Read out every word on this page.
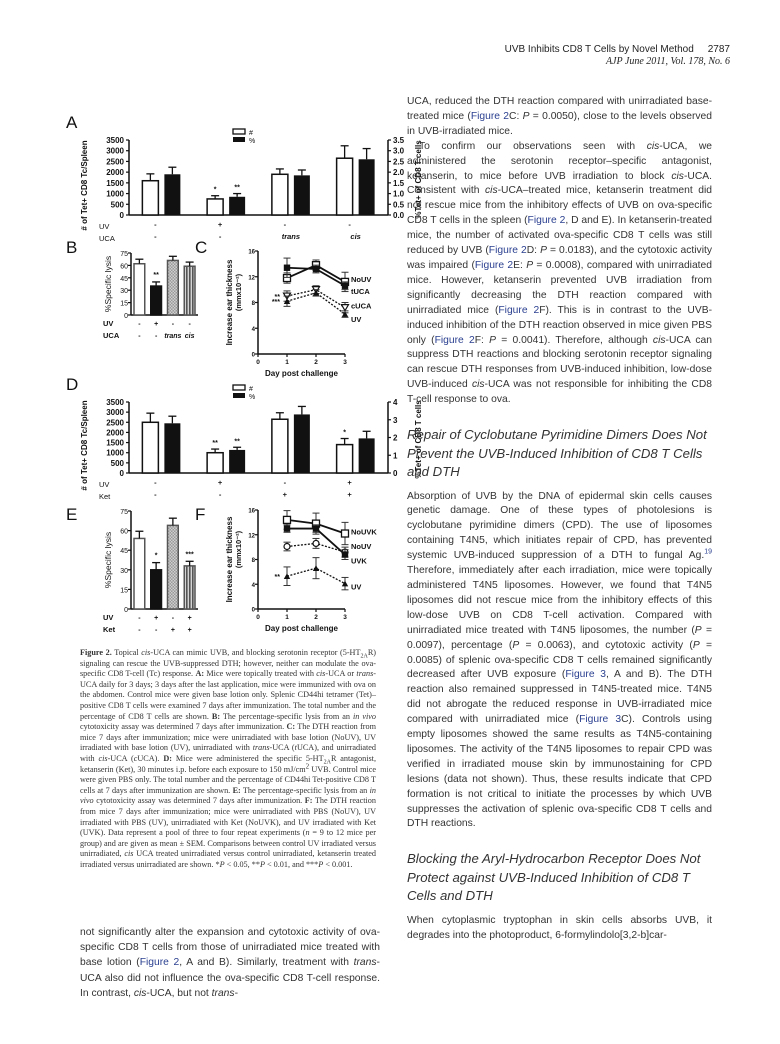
UVB Inhibits CD8 T Cells by Novel Method 2787
AJP June 2011, Vol. 178, No. 6
A
B	C
D
E	F
#
%
0
500
1000
1500
2000
2500
3000
3500
0.0
0.5
1.0
1.5
2.0
2.5
3.0
3.5
# of Tet+ CD8 Tc/Spleen	%Tet+ of CD8 T cells
-
-
*	**
+
-
-
trans
-
cis
UV
UCA
0
15
30
45
60
75
%Specific lysis
-
-
**
+
-
-
trans
-
cis
UV
UCA
0
4
8
12
16
0	1	2	3
Day post challenge
Increase ear thickness (mmx10⁻²)	NoUV
tUCA
cUCA
UV
**
***
#
%
0
500
1000
1500
2000
2500
3000
3500
0
1
2
3
4
# of Tet+ CD8 Tc/Spleen	%Tet+ of CD8 T cells
-
-
** **
+
-
-
+
*
+
+
UV
Ket
0
15
30
45
60
75
%Specific lysis
-
-
*
+
-
-
+
***
+
+
UV
Ket
0
4
8
12
16
0	1	2	3
Day post challenge
Increase ear thickness (mmx10⁻²)	NoUVK
NoUV
UVK
UV
**
Figure 2. Topical cis-UCA can mimic UVB, and blocking serotonin receptor $(5-HT_{2A}R)$ signaling can rescue the UVB-suppressed DTH; however, neither can modulate the ova-specific CD8 T-cell (Tc) response. A: Mice were topically treated with cis-UCA or trans-UCA daily for 3 days; 3 days after the last application, mice were immunized with ova on the abdomen. Control mice were given base lotion only. Splenic CD44hi tetramer (Tet)–positive CD8 T cells were examined 7 days after immunization. The total number and the percentage of CD8 T cells are shown. B: The percentage-specific lysis from an in vivo cytotoxicity assay was determined 7 days after immunization. C: The DTH reaction from mice 7 days after immunization; mice were unirradiated with base lotion (NoUV), UV irradiated with base lotion (UV), unirradiated with trans-UCA (tUCA), and unirradiated with cis-UCA (cUCA). D: Mice were administered the specific $5-HT_{2A}R$ antagonist, ketanserin (Ket), 30 minutes i.p. before each exposure to 150 $mJ/cm^2$ UVB. Control mice were given PBS only. The total number and the percentage of CD44hi Tet-positive CD8 T cells at 7 days after immunization are shown. E: The percentage-specific lysis from an in vivo cytotoxicity assay was determined 7 days after immunization. F: The DTH reaction from mice 7 days after immunization; mice were unirradiated with PBS (NoUV), UV irradiated with PBS (UV), unirradiated with Ket (NoUVK), and UV irradiated with Ket (UVK). Data represent a pool of three to four repeat experiments (n = 9 to 12 mice per group) and are given as mean ± SEM. Comparisons between control UV irradiated versus unirradiated, cis UCA treated unirradiated versus control unirradiated, ketanserin treated irradiated versus unirradiated are shown. *P < 0.05, **P < 0.01, and ***P < 0.001.
not significantly alter the expansion and cytotoxic activity of ova-specific CD8 T cells from those of unirradiated mice treated with base lotion (Figure 2, A and B). Similarly, treatment with trans-UCA also did not influence the ova-specific CD8 T-cell response. In contrast, cis-UCA, but not trans-

UCA, reduced the DTH reaction compared with unirradiated base-treated mice (Figure 2C: P = 0.0050), close to the levels observed in UVB-irradiated mice.

To confirm our observations seen with cis-UCA, we administered the serotonin receptor–specific antagonist, ketanserin, to mice before UVB irradiation to block cis-UCA. Consistent with cis-UCA–treated mice, ketanserin treatment did not rescue mice from the inhibitory effects of UVB on ova-specific CD8 T cells in the spleen (Figure 2, D and E). In ketanserin-treated mice, the number of activated ova-specific CD8 T cells was still reduced by UVB (Figure 2D: P = 0.0183), and the cytotoxic activity was impaired (Figure 2E: P = 0.0008), compared with unirradiated mice. However, ketanserin prevented UVB irradiation from significantly decreasing the DTH reaction compared with unirradiated mice (Figure 2F). This is in contrast to the UVB-induced inhibition of the DTH reaction observed in mice given PBS only (Figure 2F: P = 0.0041). Therefore, although cis-UCA can suppress DTH reactions and blocking serotonin receptor signaling can rescue DTH responses from UVB-induced inhibition, low-dose UVB-induced cis-UCA was not responsible for inhibiting the CD8 T-cell response to ova.

Repair of Cyclobutane Pyrimidine Dimers Does Not Prevent the UVB-Induced Inhibition of CD8 T Cells and DTH

Absorption of UVB by the DNA of epidermal skin cells causes genetic damage. One of these types of photolesions is cyclobutane pyrimidine dimers (CPD). The use of liposomes containing T4N5, which initiates repair of CPD, has prevented systemic UVB-induced suppression of a DTH to fungal Ag.$^{19}$ Therefore, immediately after each irradiation, mice were topically administered T4N5 liposomes. However, we found that T4N5 liposomes did not rescue mice from the inhibitory effects of this low-dose UVB on CD8 T-cell activation. Compared with unirradiated mice treated with T4N5 liposomes, the number (P = 0.0097), percentage (P = 0.0063), and cytotoxic activity (P = 0.0085) of splenic ova-specific CD8 T cells remained significantly decreased after UVB exposure (Figure 3, A and B). The DTH reaction also remained suppressed in T4N5-treated mice. T4N5 did not abrogate the reduced response in UVB-irradiated mice compared with unirradiated mice (Figure 3C). Controls using empty liposomes showed the same results as T4N5-containing liposomes. The activity of the T4N5 liposomes to repair CPD was verified in irradiated mouse skin by immunostaining for CPD lesions (data not shown). Thus, these results indicate that CPD formation is not critical to initiate the processes by which UVB suppresses the activation of splenic ova-specific CD8 T cells and DTH reactions.

Blocking the Aryl-Hydrocarbon Receptor Does Not Protect against UVB-Induced Inhibition of CD8 T Cells and DTH

When cytoplasmic tryptophan in skin cells absorbs UVB, it degrades into the photoproduct, 6-formylindolo[3,2-b]car-
